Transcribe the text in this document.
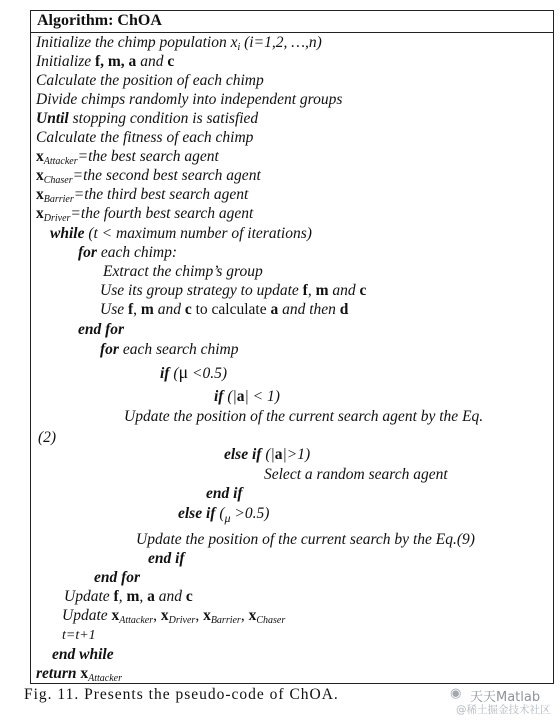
Algorithm: ChOA
Initialize the chimp population $x_i$ (i=1,2, …,n)
Initialize f, m, a and c
Calculate the position of each chimp
Divide chimps randomly into independent groups
Until stopping condition is satisfied
Calculate the fitness of each chimp
$x_{Attacker}=the$ best search agent
$x_{Chaser}=the$ second best search agent
$x_{Barrier}=the$ third best search agent
$x_{Driver}=the$ fourth best search agent
while (t < maximum number of iterations)
for each chimp:
Extract the chimp’s group
Use its group strategy to update f, m and c
Use f, m and c to calculate a and then d
end for
for each search chimp
if (μ <0.5)
if (|a| < 1)
Update the position of the current search agent by the Eq.
(2)
else if (|a|>1)
Select a random search agent
end if
else if $(_\mu >0.5)$
Update the position of the current search by the Eq.(9)
end if
end for
Update f, m, a and c
Update $x_{Attacker}$, $x_{Driver}$, $x_{Barrier}$, $x_{Chaser}$
t=t+1
end while
return $x_{Attacker}$
Fig. 11. Presents the pseudo-code of ChOA.	◉ 天天Matlab
@稀土掘金技术社区
